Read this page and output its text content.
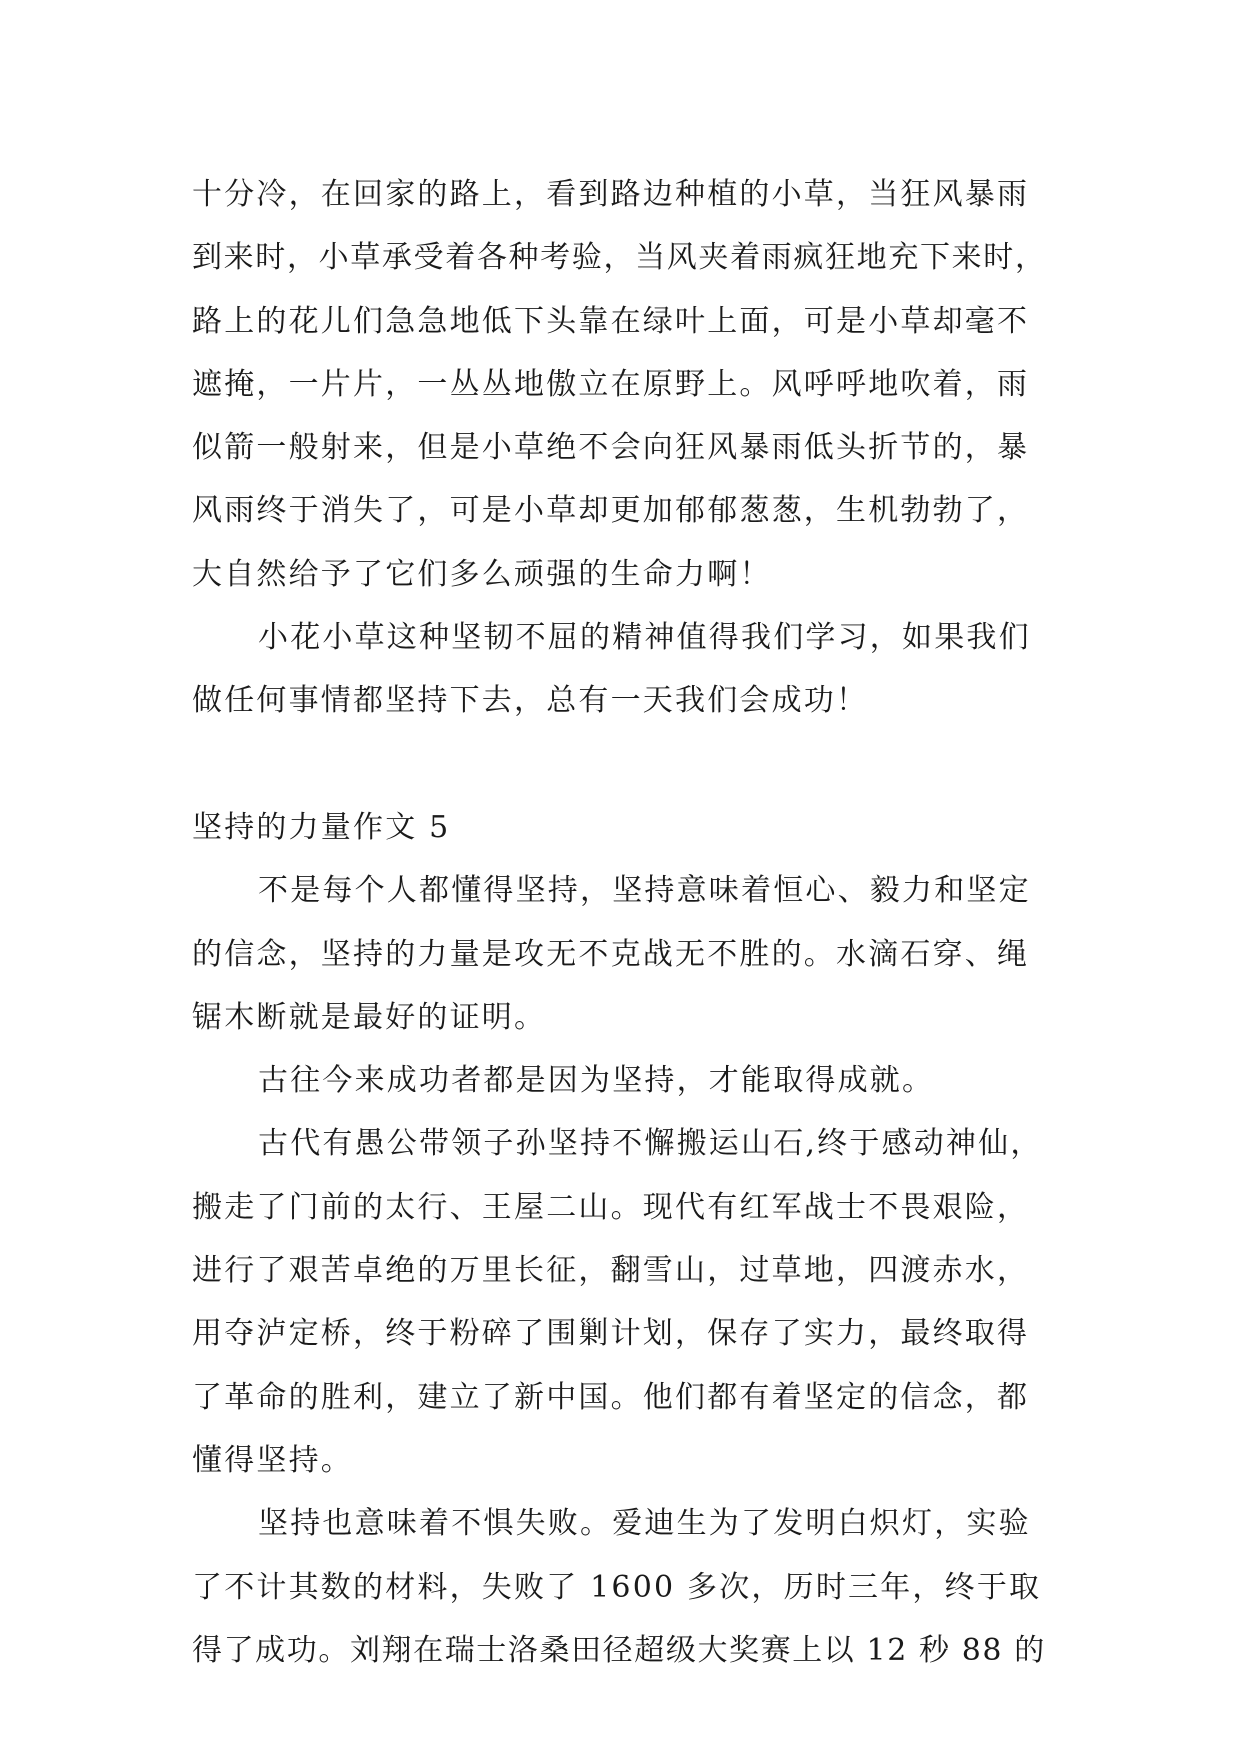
十分冷，在回家的路上，看到路边种植的小草，当狂风暴雨
到来时，小草承受着各种考验，当风夹着雨疯狂地充下来时，
路上的花儿们急急地低下头靠在绿叶上面，可是小草却毫不
遮掩，一片片，一丛丛地傲立在原野上。风呼呼地吹着，雨
似箭一般射来，但是小草绝不会向狂风暴雨低头折节的，暴
风雨终于消失了，可是小草却更加郁郁葱葱，生机勃勃了，
大自然给予了它们多么顽强的生命力啊！
小花小草这种坚韧不屈的精神值得我们学习，如果我们
做任何事情都坚持下去，总有一天我们会成功！
坚持的力量作文 5
不是每个人都懂得坚持，坚持意味着恒心、毅力和坚定
的信念，坚持的力量是攻无不克战无不胜的。水滴石穿、绳
锯木断就是最好的证明。
古往今来成功者都是因为坚持，才能取得成就。
古代有愚公带领子孙坚持不懈搬运山石,终于感动神仙，
搬走了门前的太行、王屋二山。现代有红军战士不畏艰险，
进行了艰苦卓绝的万里长征，翻雪山，过草地，四渡赤水，
用夺泸定桥，终于粉碎了围剿计划，保存了实力，最终取得
了革命的胜利，建立了新中国。他们都有着坚定的信念，都
懂得坚持。
坚持也意味着不惧失败。爱迪生为了发明白炽灯，实验
了不计其数的材料，失败了 1600 多次，历时三年，终于取
得了成功。刘翔在瑞士洛桑田径超级大奖赛上以 12 秒 88 的
